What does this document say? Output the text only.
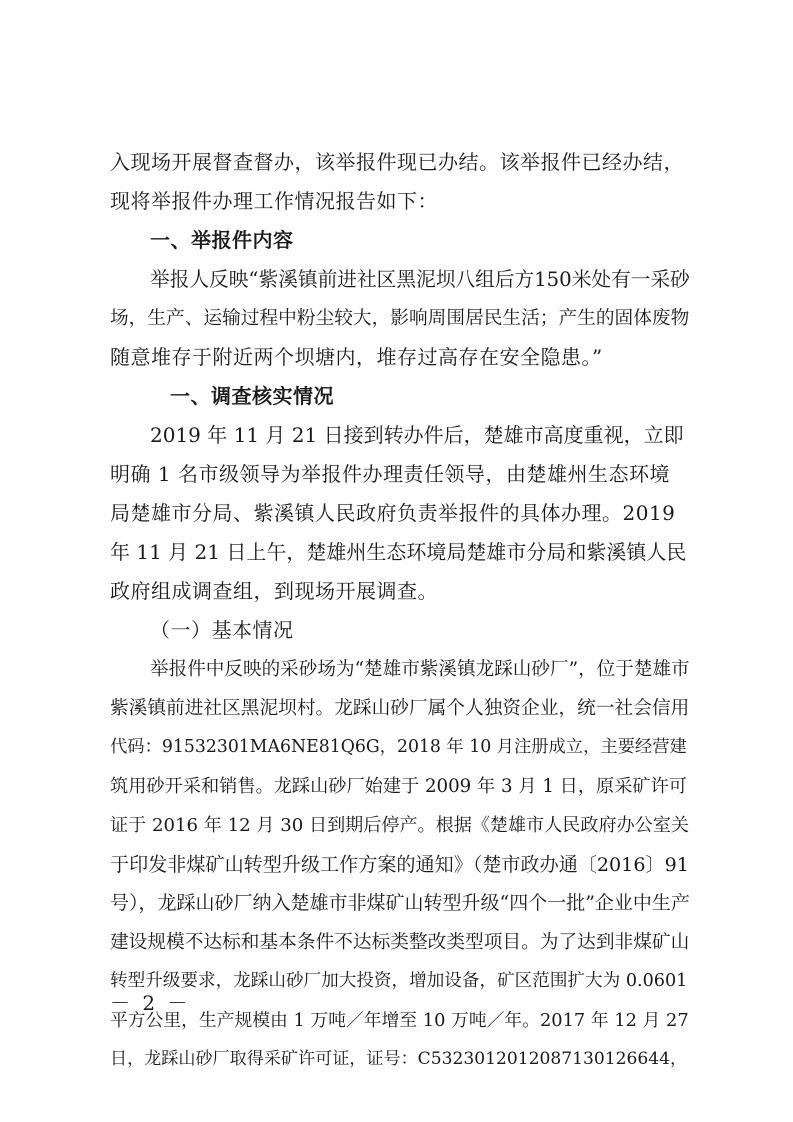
入现场开展督查督办，该举报件现已办结。该举报件已经办结，
现将举报件办理工作情况报告如下：
一、举报件内容
举报人反映“紫溪镇前进社区黑泥坝八组后方150米处有一采砂
场，生产、运输过程中粉尘较大，影响周围居民生活；产生的固体废物
随意堆存于附近两个坝塘内，堆存过高存在安全隐患。”
一、调查核实情况
2019 年 11 月 21 日接到转办件后，楚雄市高度重视，立即
明确 1 名市级领导为举报件办理责任领导，由楚雄州生态环境
局楚雄市分局、紫溪镇人民政府负责举报件的具体办理。2019
年 11 月 21 日上午，楚雄州生态环境局楚雄市分局和紫溪镇人民
政府组成调查组，到现场开展调查。
（一）基本情况
举报件中反映的采砂场为“楚雄市紫溪镇龙踩山砂厂”，位于楚雄市
紫溪镇前进社区黑泥坝村。龙踩山砂厂属个人独资企业，统一社会信用
代码：91532301MA6NE81Q6G，2018 年 10 月注册成立，主要经营建
筑用砂开采和销售。龙踩山砂厂始建于 2009 年 3 月 1 日，原采矿许可
证于 2016 年 12 月 30 日到期后停产。根据《楚雄市人民政府办公室关
于印发非煤矿山转型升级工作方案的通知》（楚市政办通〔2016〕91
号），龙踩山砂厂纳入楚雄市非煤矿山转型升级“四个一批”企业中生产
建设规模不达标和基本条件不达标类整改类型项目。为了达到非煤矿山
转型升级要求，龙踩山砂厂加大投资，增加设备，矿区范围扩大为 0.0601
平方公里，生产规模由 1 万吨／年增至 10 万吨／年。2017 年 12 月 27
日，龙踩山砂厂取得采矿许可证，证号：C5323012012087130126644，
－ 2 －
